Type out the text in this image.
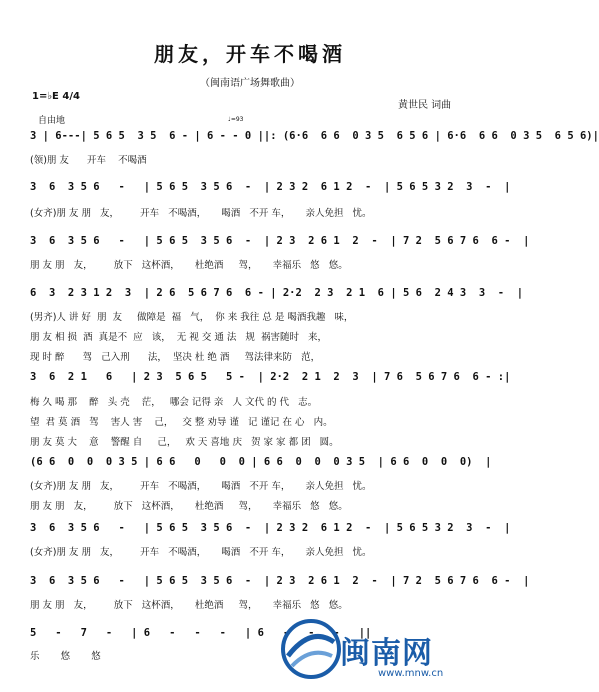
朋友，开车不喝酒
（闽南语广场舞歌曲）
1=♭E 4/4
黄世民 词曲
自由地	♩=93
3 | 6---| 5 6 5  3 5  6 - | 6 - - 0 ||: (6·6  6 6  0 3 5  6 5 6 | 6·6  6 6  0 3 5  6 5 6)|
(领)朋 友      开车    不喝酒
3  6  3 5 6   -   | 5 6 5  3 5 6  -  | 2 3 2  6 1 2  -  | 5 6 5 3 2  3  -  |
(女齐)朋 友 朋   友，       开车   不喝酒，     喝酒   不开 车，     亲人免担   忧。
3  6  3 5 6   -   | 5 6 5  3 5 6  -  | 2 3  2 6 1  2  -  | 7 2  5 6 7 6  6 -  |
朋 友 朋   友，       放下   这杯酒，     杜绝酒     驾，     幸福乐   悠   悠。
6  3  2 3 1 2  3  | 2 6  5 6 7 6  6 - | 2·2  2 3  2 1  6 | 5 6  2 4 3  3  -  |
(男齐)人 讲 好  朋  友     做障是  福   气，  你 来 我往 总 是 喝酒我趣   味，
朋 友 相 损  酒  真是不  应   该，  无 视 交 通 法   规  祸害随时   来，
现 时 醉      驾   己入刑      法，  坚决 杜 绝 酒     驾法律来防   范，
3  6  2 1   6   | 2 3  5 6 5   5 -  | 2·2  2 1  2  3  | 7 6  5 6 7 6  6 - :|
梅 久 喝 那    醉   头 壳    茫，   哪会 记得 亲   人 文代 的 代   志。
望  君 莫 酒   驾    害人 害    己，   交 整 劝导 谨   记 谨记 在 心   内。
朋 友 莫 大    意    警醒 自     己，   欢 天 喜地 庆   贺 家 家 都 团   圆。
(6 6  0  0  0 3 5 | 6 6   0   0  0 | 6 6  0  0  0 3 5  | 6 6  0  0  0)  |
(女齐)朋 友 朋   友，       开车   不喝酒，     喝酒   不开 车，     亲人免担   忧。
朋 友 朋   友，       放下   这杯酒，     杜绝酒     驾，     幸福乐   悠   悠。
3  6  3 5 6   -   | 5 6 5  3 5 6  -  | 2 3 2  6 1 2  -  | 5 6 5 3 2  3  -  |
(女齐)朋 友 朋   友，       开车   不喝酒，     喝酒   不开 车，     亲人免担   忧。
3  6  3 5 6   -   | 5 6 5  3 5 6  -  | 2 3  2 6 1  2  -  | 7 2  5 6 7 6  6 -  |
朋 友 朋   友，       放下   这杯酒，     杜绝酒     驾，     幸福乐   悠   悠。
5   -   7   -   | 6   -   -   -   | 6   -   -   -   ||
乐       悠       悠	闽南网
www.mnw.cn
